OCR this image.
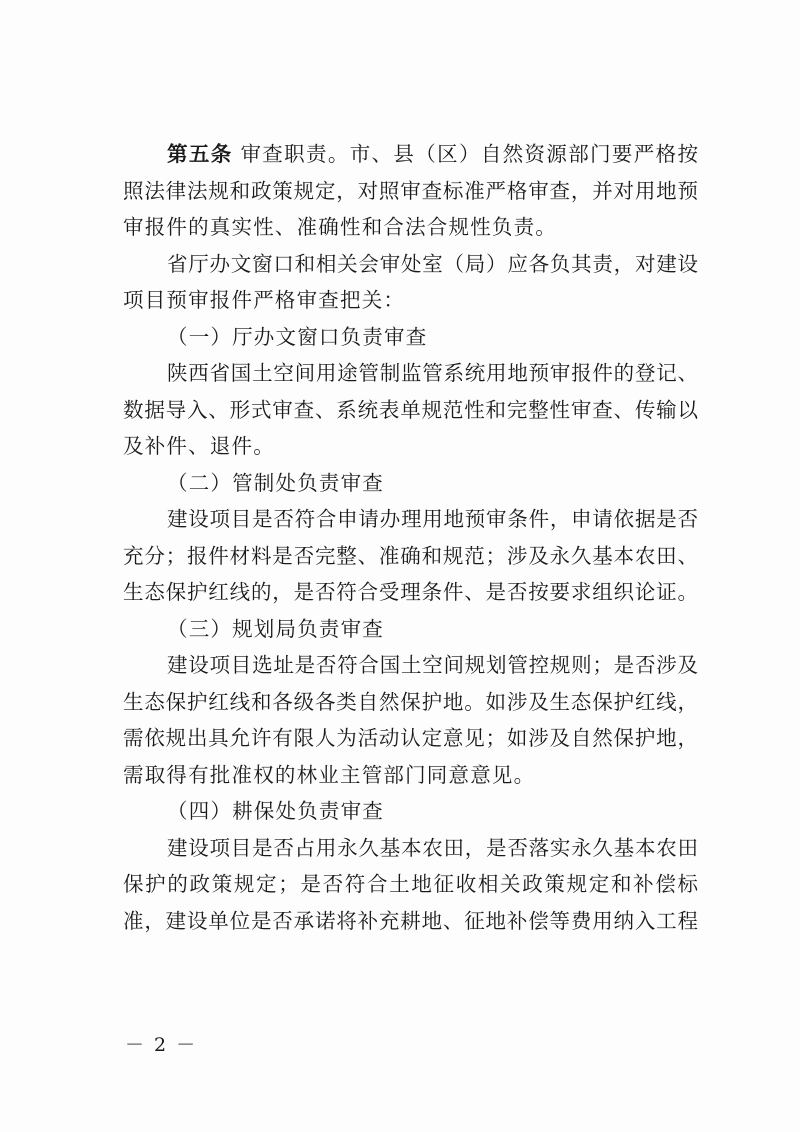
第五条 审查职责。市、县（区）自然资源部门要严格按
照法律法规和政策规定，对照审查标准严格审查，并对用地预
审报件的真实性、准确性和合法合规性负责。
省厅办文窗口和相关会审处室（局）应各负其责，对建设
项目预审报件严格审查把关：
（一）厅办文窗口负责审查
陕西省国土空间用途管制监管系统用地预审报件的登记、
数据导入、形式审查、系统表单规范性和完整性审查、传输以
及补件、退件。
（二）管制处负责审查
建设项目是否符合申请办理用地预审条件，申请依据是否
充分；报件材料是否完整、准确和规范；涉及永久基本农田、
生态保护红线的，是否符合受理条件、是否按要求组织论证。
（三）规划局负责审查
建设项目选址是否符合国土空间规划管控规则；是否涉及
生态保护红线和各级各类自然保护地。如涉及生态保护红线，
需依规出具允许有限人为活动认定意见；如涉及自然保护地，
需取得有批准权的林业主管部门同意意见。
（四）耕保处负责审查
建设项目是否占用永久基本农田，是否落实永久基本农田
保护的政策规定；是否符合土地征收相关政策规定和补偿标
准，建设单位是否承诺将补充耕地、征地补偿等费用纳入工程
－ 2 －
